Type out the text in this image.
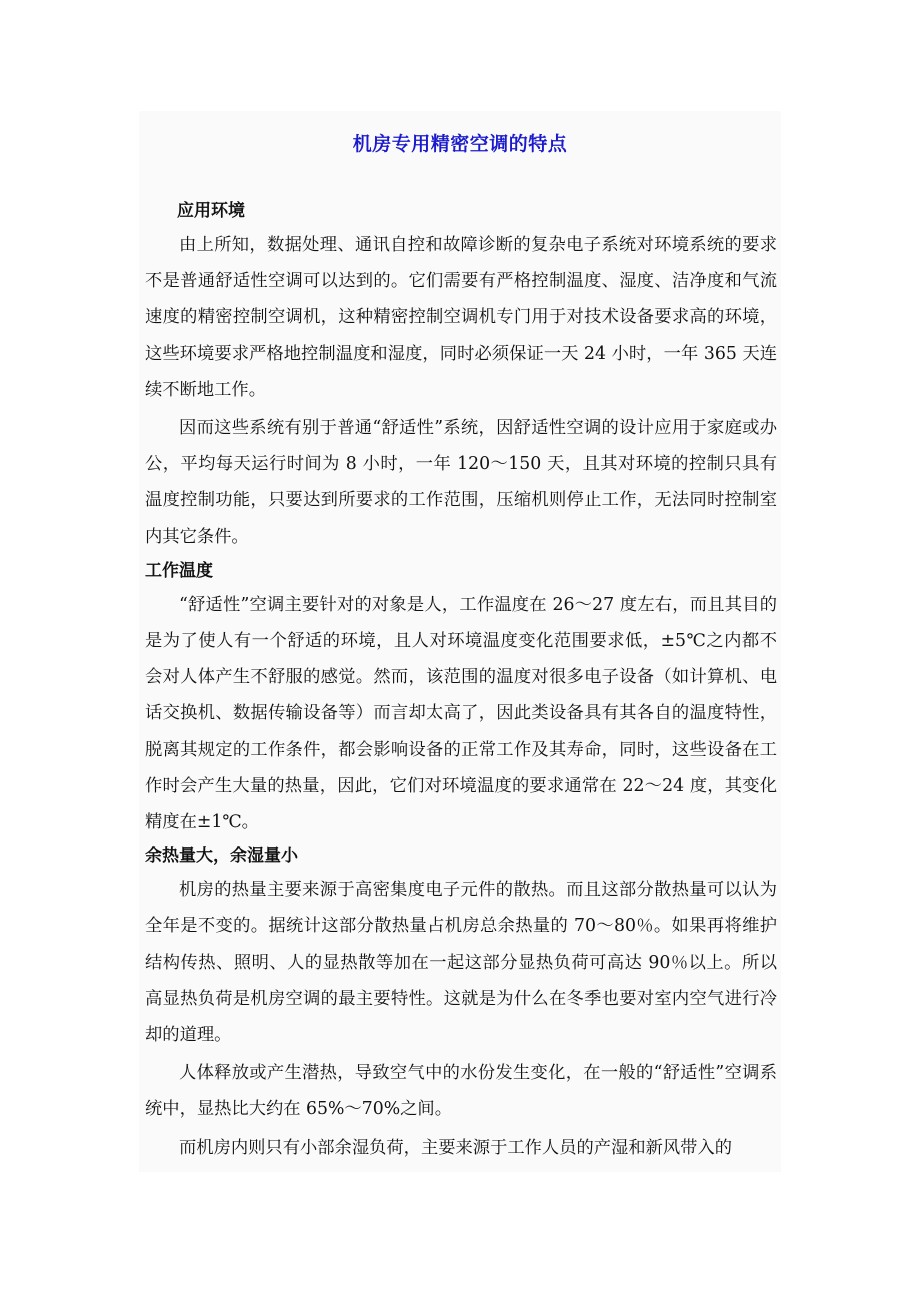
机房专用精密空调的特点
应用环境

由上所知，数据处理、通讯自控和故障诊断的复杂电子系统对环境系统的要求不是普通舒适性空调可以达到的。它们需要有严格控制温度、湿度、洁净度和气流速度的精密控制空调机，这种精密控制空调机专门用于对技术设备要求高的环境，这些环境要求严格地控制温度和湿度，同时必须保证一天 24 小时，一年 365 天连续不断地工作。

因而这些系统有别于普通“舒适性”系统，因舒适性空调的设计应用于家庭或办公，平均每天运行时间为 8 小时，一年 120～150 天，且其对环境的控制只具有温度控制功能，只要达到所要求的工作范围，压缩机则停止工作，无法同时控制室内其它条件。

工作温度

“舒适性”空调主要针对的对象是人，工作温度在 26～27 度左右，而且其目的是为了使人有一个舒适的环境，且人对环境温度变化范围要求低，±5℃之内都不会对人体产生不舒服的感觉。然而，该范围的温度对很多电子设备（如计算机、电话交换机、数据传输设备等）而言却太高了，因此类设备具有其各自的温度特性，脱离其规定的工作条件，都会影响设备的正常工作及其寿命，同时，这些设备在工作时会产生大量的热量，因此，它们对环境温度的要求通常在 22～24 度，其变化精度在±1℃。

余热量大，余湿量小

机房的热量主要来源于高密集度电子元件的散热。而且这部分散热量可以认为全年是不变的。据统计这部分散热量占机房总余热量的 70～80％。如果再将维护结构传热、照明、人的显热散等加在一起这部分显热负荷可高达 90％以上。所以高显热负荷是机房空调的最主要特性。这就是为什么在冬季也要对室内空气进行冷却的道理。

人体释放或产生潜热，导致空气中的水份发生变化，在一般的“舒适性”空调系统中，显热比大约在 65%～70%之间。

而机房内则只有小部余湿负荷，主要来源于工作人员的产湿和新风带入的
